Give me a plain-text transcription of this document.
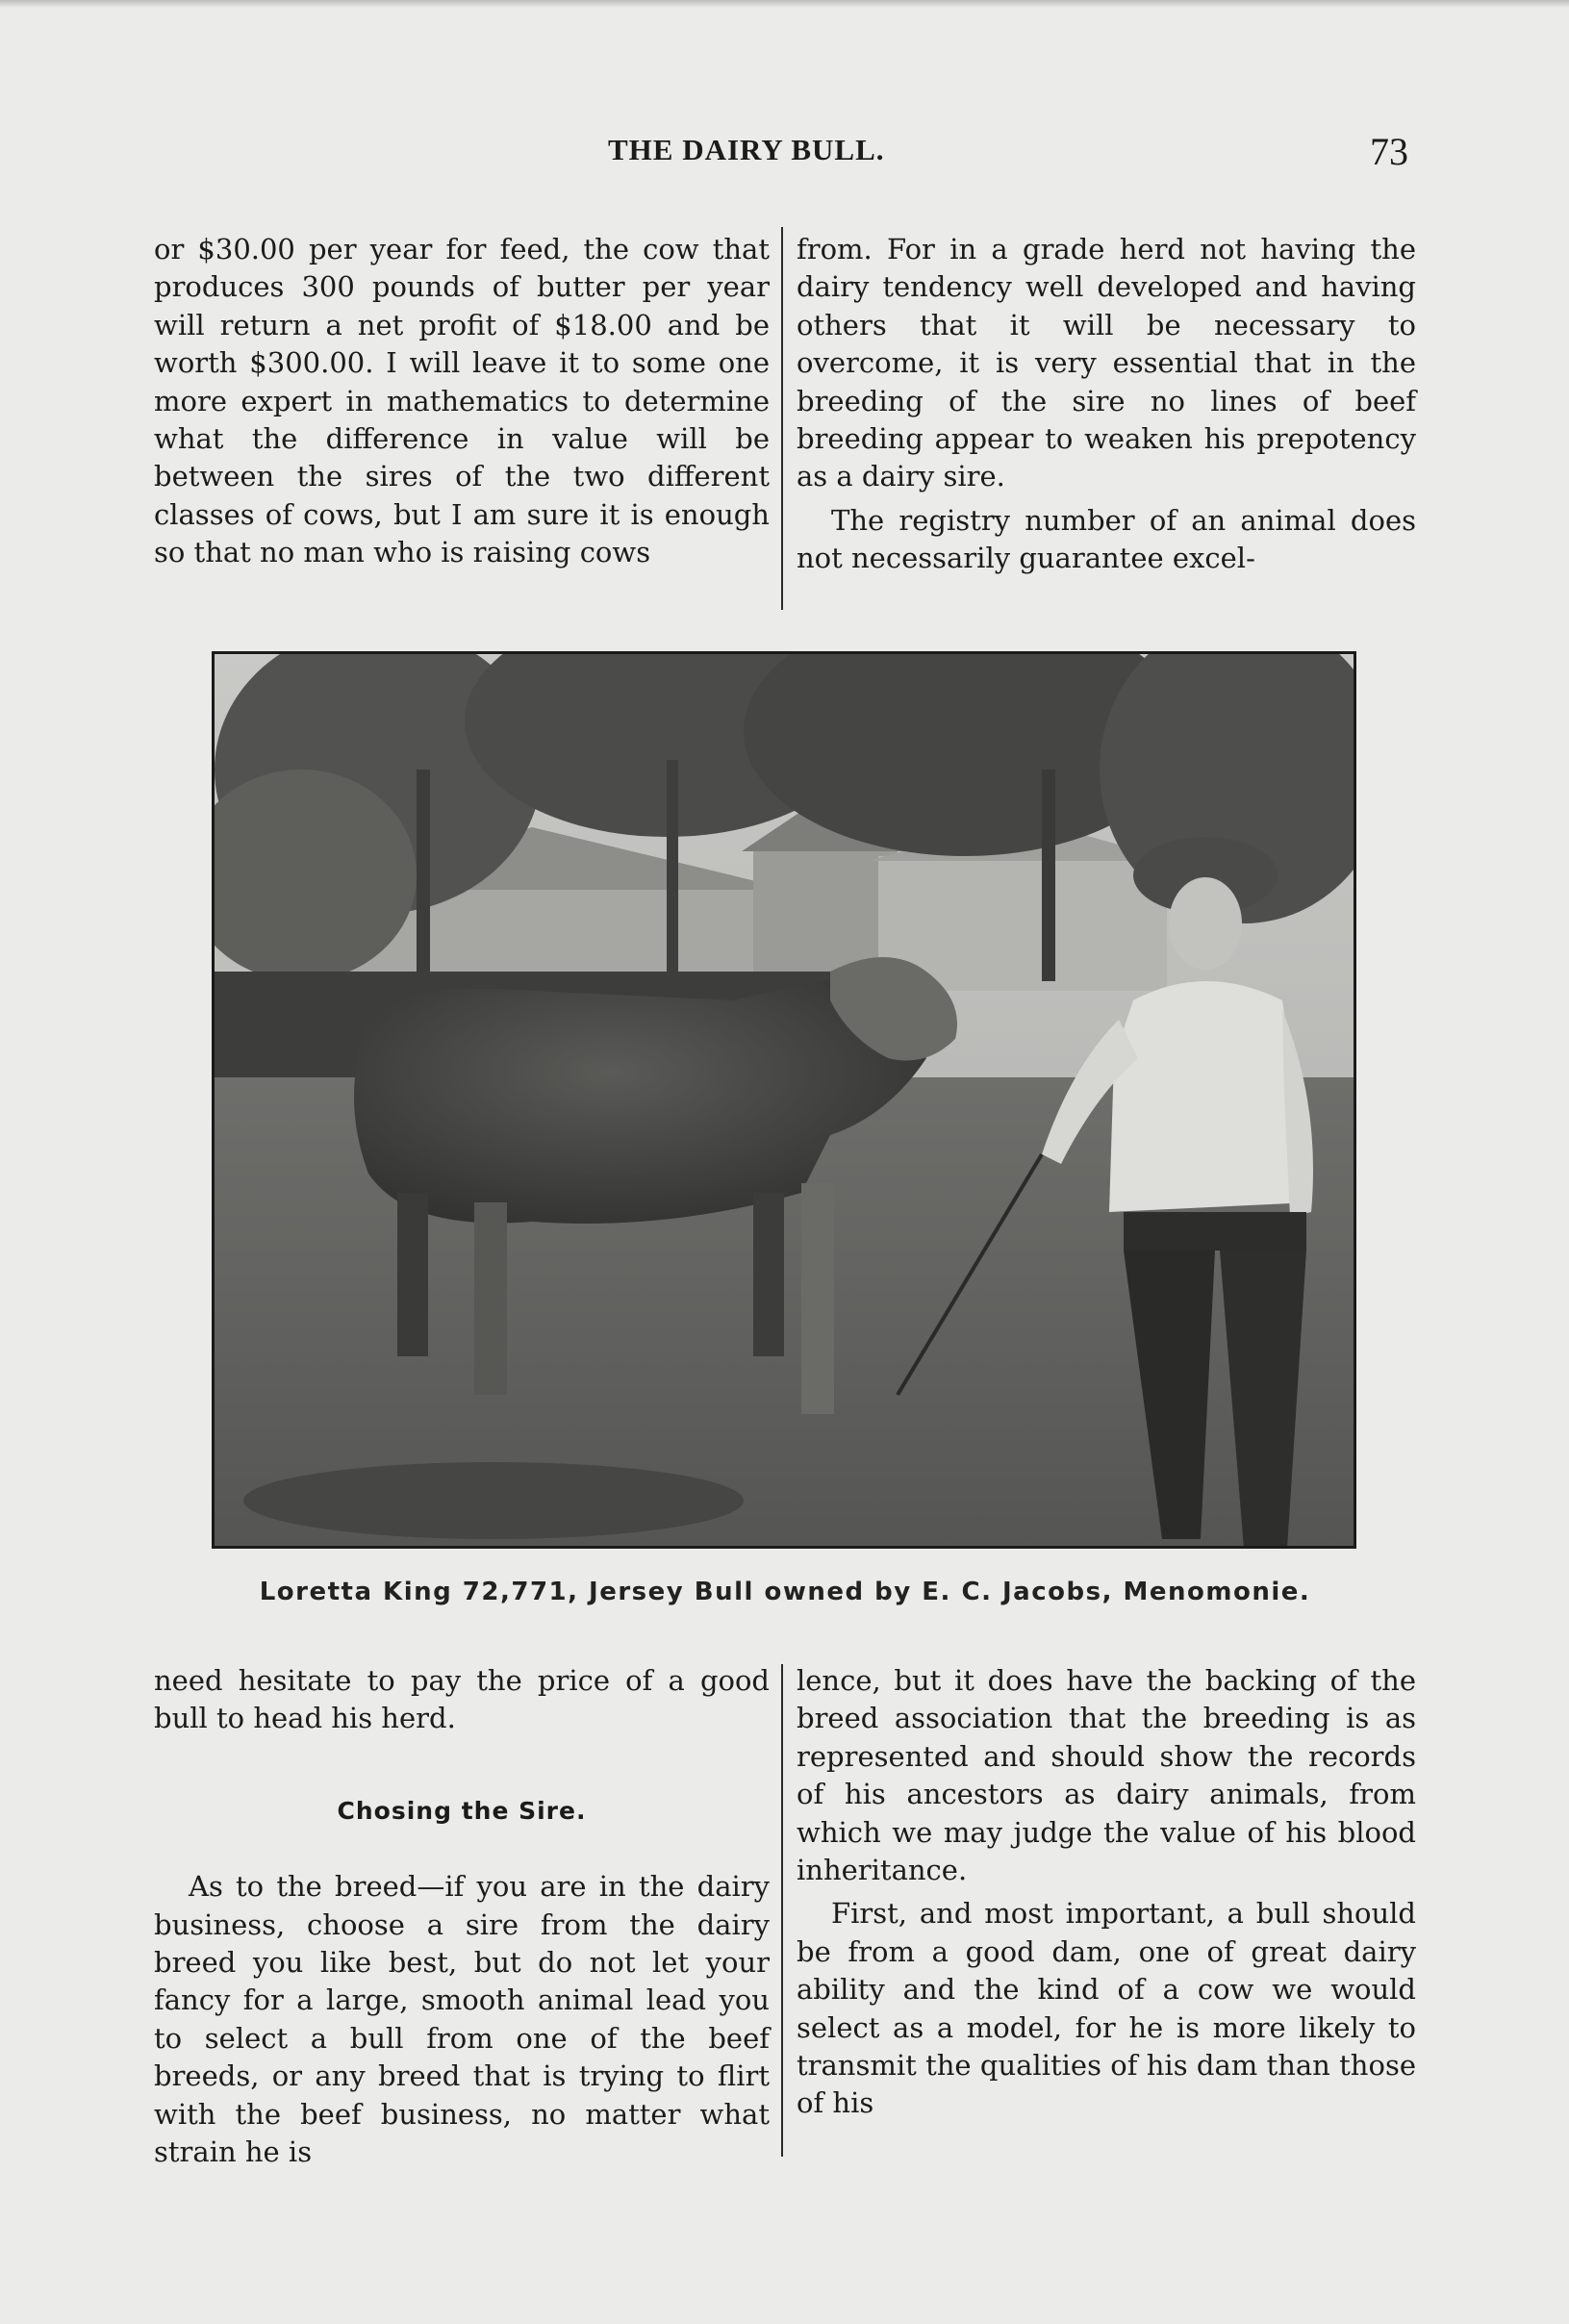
THE DAIRY BULL.	73

or $30.00 per year for feed, the cow that produces 300 pounds of butter per year will return a net profit of $18.00 and be worth $300.00. I will leave it to some one more expert in mathematics to determine what the difference in value will be between the sires of the two different classes of cows, but I am sure it is enough so that no man who is raising cows

from. For in a grade herd not having the dairy tendency well developed and having others that it will be necessary to overcome, it is very essential that in the breeding of the sire no lines of beef breeding appear to weaken his prepotency as a dairy sire.

The registry number of an animal does not necessarily guarantee excel-

Loretta King 72,771, Jersey Bull owned by E. C. Jacobs, Menomonie.

need hesitate to pay the price of a good bull to head his herd.

Chosing the Sire.

As to the breed—if you are in the dairy business, choose a sire from the dairy breed you like best, but do not let your fancy for a large, smooth animal lead you to select a bull from one of the beef breeds, or any breed that is trying to flirt with the beef business, no matter what strain he is

lence, but it does have the backing of the breed association that the breeding is as represented and should show the records of his ancestors as dairy animals, from which we may judge the value of his blood inheritance.

First, and most important, a bull should be from a good dam, one of great dairy ability and the kind of a cow we would select as a model, for he is more likely to transmit the qualities of his dam than those of his
